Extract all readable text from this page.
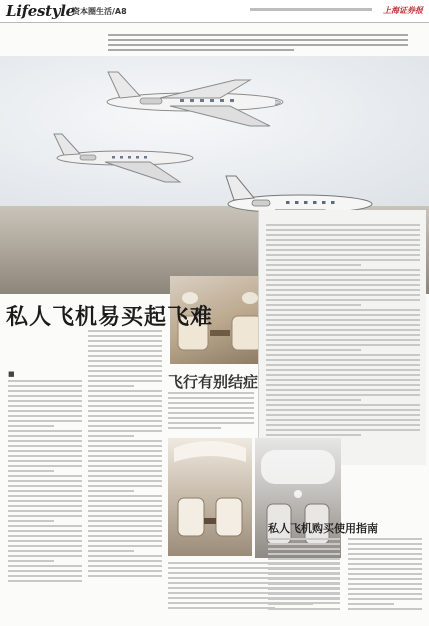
Lifestyle
资本圈生活/A8	上海证券报
私人飞机易买起飞难
■	飞行有别结症
私人飞机购买使用指南
